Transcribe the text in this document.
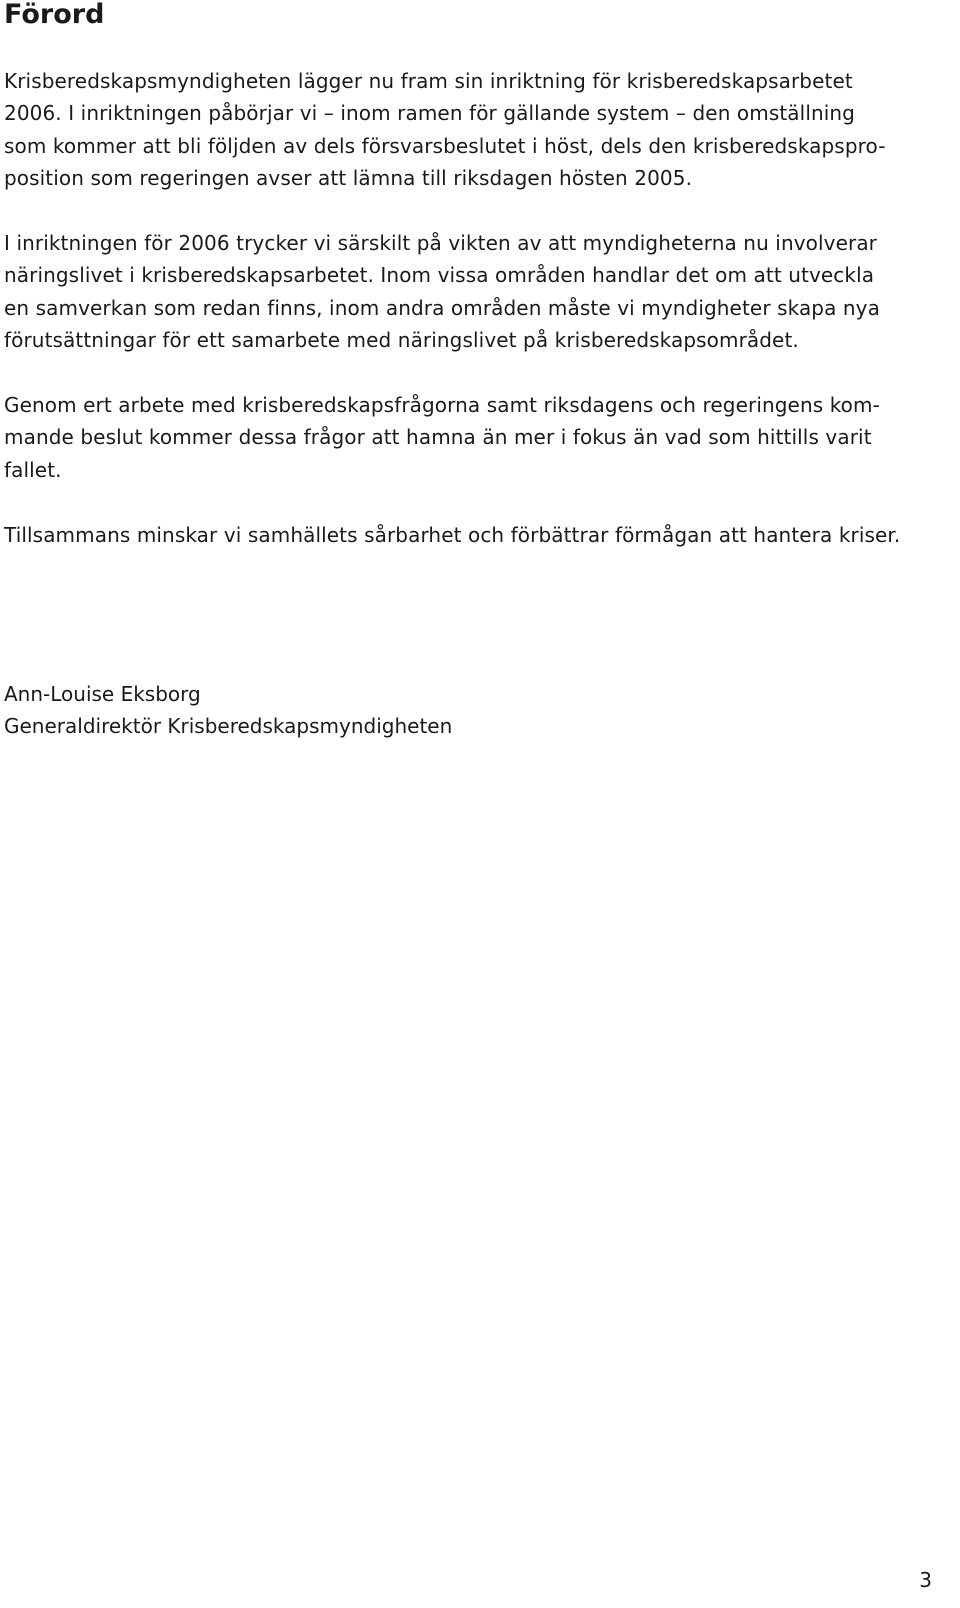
Förord

Krisberedskapsmyndigheten lägger nu fram sin inriktning för krisberedskapsarbetet
2006. I inriktningen påbörjar vi – inom ramen för gällande system – den omställning
som kommer att bli följden av dels försvarsbeslutet i höst, dels den krisberedskapspro-
position som regeringen avser att lämna till riksdagen hösten 2005.

I inriktningen för 2006 trycker vi särskilt på vikten av att myndigheterna nu involverar
näringslivet i krisberedskapsarbetet. Inom vissa områden handlar det om att utveckla
en samverkan som redan finns, inom andra områden måste vi myndigheter skapa nya
förutsättningar för ett samarbete med näringslivet på krisberedskapsområdet.

Genom ert arbete med krisberedskapsfrågorna samt riksdagens och regeringens kom-
mande beslut kommer dessa frågor att hamna än mer i fokus än vad som hittills varit
fallet.

Tillsammans minskar vi samhällets sårbarhet och förbättrar förmågan att hantera kriser.

Ann-Louise Eksborg
Generaldirektör Krisberedskapsmyndigheten
3
